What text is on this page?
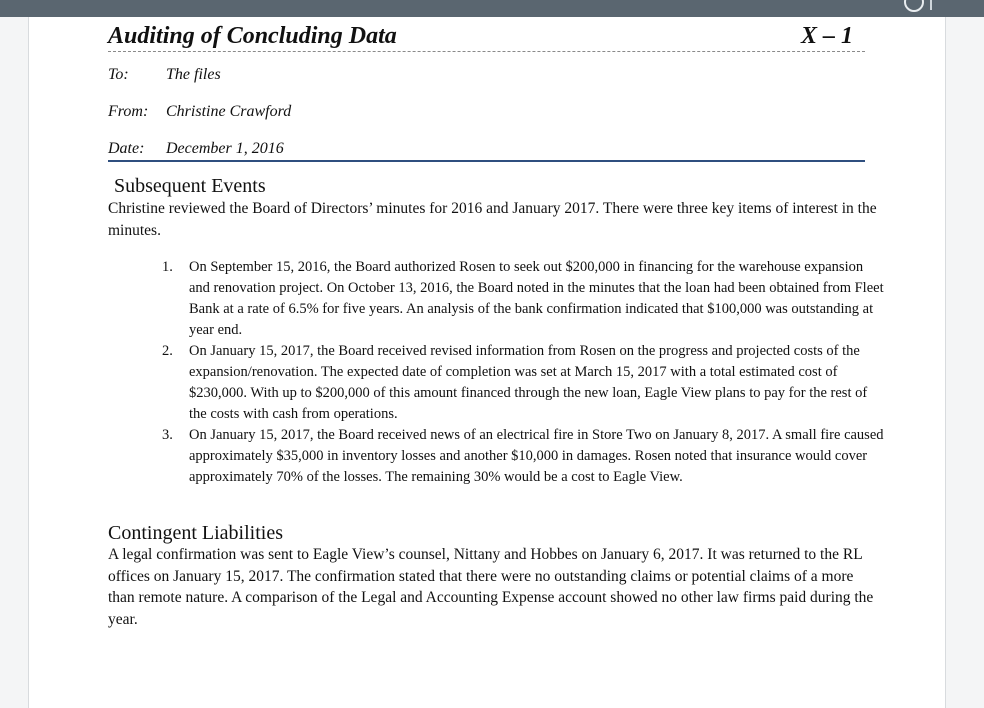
Auditing of Concluding Data	X – 1
To: The files
From: Christine Crawford
Date: December 1, 2016
Subsequent Events
Christine reviewed the Board of Directors’ minutes for 2016 and January 2017. There were three key items of interest in the minutes.
1. On September 15, 2016, the Board authorized Rosen to seek out $200,000 in financing for the warehouse expansion and renovation project. On October 13, 2016, the Board noted in the minutes that the loan had been obtained from Fleet Bank at a rate of 6.5% for five years. An analysis of the bank confirmation indicated that $100,000 was outstanding at year end.
2. On January 15, 2017, the Board received revised information from Rosen on the progress and projected costs of the expansion/renovation. The expected date of completion was set at March 15, 2017 with a total estimated cost of $230,000. With up to $200,000 of this amount financed through the new loan, Eagle View plans to pay for the rest of the costs with cash from operations.
3. On January 15, 2017, the Board received news of an electrical fire in Store Two on January 8, 2017. A small fire caused approximately $35,000 in inventory losses and another $10,000 in damages. Rosen noted that insurance would cover approximately 70% of the losses. The remaining 30% would be a cost to Eagle View.
Contingent Liabilities
A legal confirmation was sent to Eagle View’s counsel, Nittany and Hobbes on January 6, 2017. It was returned to the RL offices on January 15, 2017. The confirmation stated that there were no outstanding claims or potential claims of a more than remote nature. A comparison of the Legal and Accounting Expense account showed no other law firms paid during the year.
